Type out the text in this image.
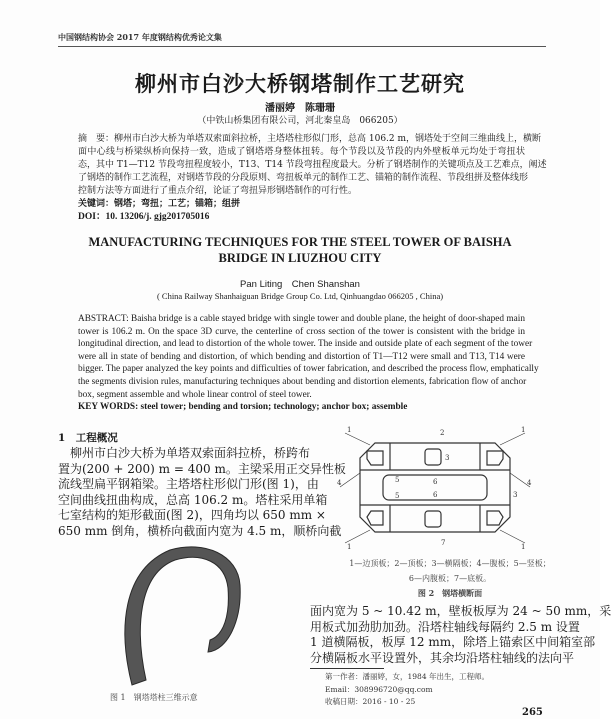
中国钢结构协会 2017 年度钢结构优秀论文集
柳州市白沙大桥钢塔制作工艺研究
潘丽婷　陈珊珊
（中铁山桥集团有限公司，河北秦皇岛　066205）
摘　要：柳州市白沙大桥为单塔双索面斜拉桥，主塔塔柱形似门形，总高 106.2 m，钢塔处于空间三维曲线上，横断
面中心线与桥梁纵桥向保持一致，造成了钢塔塔身整体扭转。每个节段以及节段的内外壁板单元均处于弯扭状
态，其中 T1—T12 节段弯扭程度较小，T13、T14 节段弯扭程度最大。分析了钢塔制作的关键项点及工艺难点，阐述
了钢塔的制作工艺流程，对钢塔节段的分段原则、弯扭板单元的制作工艺、锚箱的制作流程、节段组拼及整体线形
控制方法等方面进行了重点介绍，论证了弯扭异形钢塔制作的可行性。
关键词：钢塔；弯扭；工艺；锚箱；组拼
DOI：10. 13206/j. gjg201705016
MANUFACTURING TECHNIQUES FOR THE STEEL TOWER OF BAISHA
BRIDGE IN LIUZHOU CITY
Pan Liting　Chen Shanshan
( China Railway Shanhaiguan Bridge Group Co. Ltd, Qinhuangdao 066205 , China)
ABSTRACT: Baisha bridge is a cable stayed bridge with single tower and double plane, the height of door-shaped main
tower is 106.2 m. On the space 3D curve, the centerline of cross section of the tower is consistent with the bridge in
longitudinal direction, and lead to distortion of the whole tower. The inside and outside plate of each segment of the tower
were all in state of bending and distortion, of which bending and distortion of T1—T12 were small and T13, T14 were
bigger. The paper analyzed the key points and difficulties of tower fabrication, and described the process flow, emphatically
the segments division rules, manufacturing techniques about bending and distortion elements, fabrication flow of anchor
box, segment assemble and whole linear control of steel tower.
KEY WORDS: steel tower; bending and torsion; technology; anchor box; assemble
1　工程概况
　柳州市白沙大桥为单塔双索面斜拉桥，桥跨布
置为(200 + 200) m = 400 m。主梁采用正交异性板
流线型扁平钢箱梁。主塔塔柱形似门形(图 1)，由
空间曲线扭曲构成，总高 106.2 m。塔柱采用单箱
七室结构的矩形截面(图 2)，四角均以 650 mm ×
650 mm 倒角，横桥向截面内宽为 4.5 m，顺桥向截
图 1　钢塔塔柱三维示意
1	1
1	1
2
3
3
4	4
5
5
6
6
7
1—边顶板；2—顶板；3—横隔板；4—腹板；5—竖板；
6—内腹板；7—底板。
图 2　钢塔横断面
面内宽为 5 ~ 10.42 m，壁板板厚为 24 ~ 50 mm，采
用板式加劲肋加劲。沿塔柱轴线每隔约 2.5 m 设置
1 道横隔板，板厚 12 mm，除塔上锚索区中间箱室部
分横隔板水平设置外，其余均沿塔柱轴线的法向平
第一作者：潘丽婷，女，1984 年出生，工程师。
Email：308996720@qq.com
收稿日期：2016 - 10 - 25
265
